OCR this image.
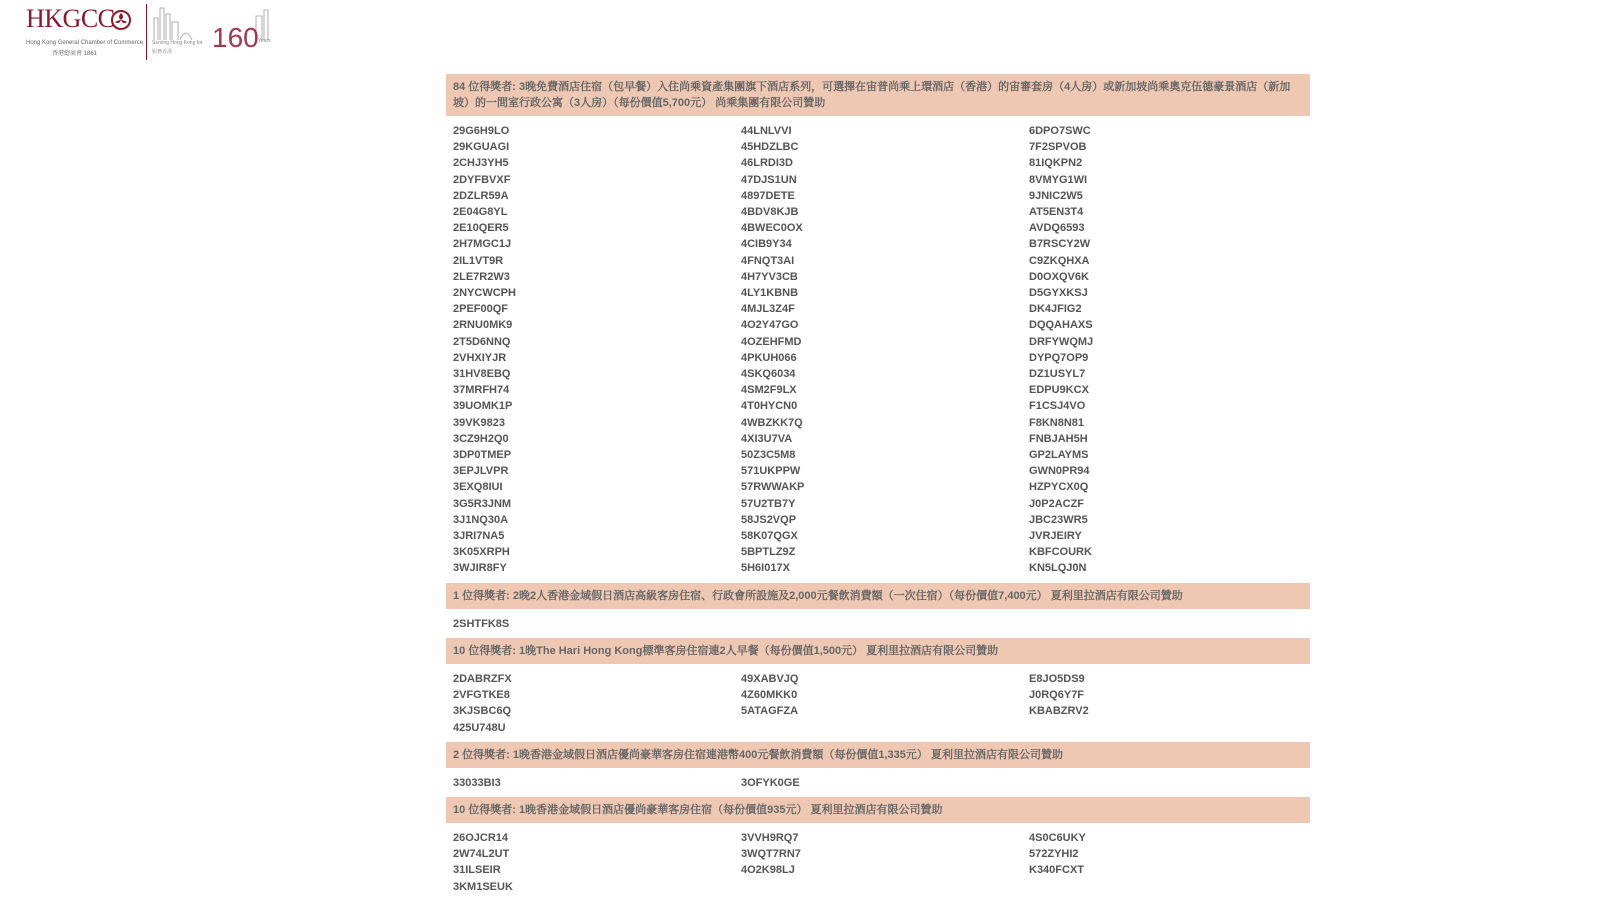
HKGCC
Hong Kong General Chamber of Commerce
香港總商會 1861
Serving Hong Kong for
服務香港 160 Years
84 位得獎者: 3晚免費酒店住宿（包早餐）入住尚乘資產集團旗下酒店系列，可選擇在宙普尚乘上環酒店（香港）的宙審套房（4人房）或新加坡尚乘奧克伍德豪景酒店（新加坡）的一間室行政公寓（3人房）（每份價值5,700元） 尚乘集團有限公司贊助
29G6H9LO
29KGUAGI
2CHJ3YH5
2DYFBVXF
2DZLR59A
2E04G8YL
2E10QER5
2H7MGC1J
2IL1VT9R
2LE7R2W3
2NYCWCPH
2PEF00QF
2RNU0MK9
2T5D6NNQ
2VHXIYJR
31HV8EBQ
37MRFH74
39UOMK1P
39VK9823
3CZ9H2Q0
3DP0TMEP
3EPJLVPR
3EXQ8IUI
3G5R3JNM
3J1NQ30A
3JRI7NA5
3K05XRPH
3WJIR8FY
44LNLVVI
45HDZLBC
46LRDI3D
47DJS1UN
4897DETE
4BDV8KJB
4BWEC0OX
4CIB9Y34
4FNQT3AI
4H7YV3CB
4LY1KBNB
4MJL3Z4F
4O2Y47GO
4OZEHFMD
4PKUH066
4SKQ6034
4SM2F9LX
4T0HYCN0
4WBZKK7Q
4XI3U7VA
50Z3C5M8
571UKPPW
57RWWAKP
57U2TB7Y
58JS2VQP
58K07QGX
5BPTLZ9Z
5H6I017X
6DPO7SWC
7F2SPVOB
81IQKPN2
8VMYG1WI
9JNIC2W5
AT5EN3T4
AVDQ6593
B7RSCY2W
C9ZKQHXA
D0OXQV6K
D5GYXKSJ
DK4JFIG2
DQQAHAXS
DRFYWQMJ
DYPQ7OP9
DZ1USYL7
EDPU9KCX
F1CSJ4VO
F8KN8N81
FNBJAH5H
GP2LAYMS
GWN0PR94
HZPYCX0Q
J0P2ACZF
JBC23WR5
JVRJEIRY
KBFCOURK
KN5LQJ0N
1 位得獎者: 2晚2人香港金域假日酒店高級客房住宿、行政會所設施及2,000元餐飲消費額（一次住宿）（每份價值7,400元） 夏利里拉酒店有限公司贊助
2SHTFK8S
10 位得獎者: 1晚The Hari Hong Kong標準客房住宿連2人早餐（每份價值1,500元） 夏利里拉酒店有限公司贊助
2DABRZFX
2VFGTKE8
3KJSBC6Q
425U748U
49XABVJQ
4Z60MKK0
5ATAGFZA
E8JO5DS9
J0RQ6Y7F
KBABZRV2
2 位得獎者: 1晚香港金域假日酒店優尚豪華客房住宿連港幣400元餐飲消費額（每份價值1,335元） 夏利里拉酒店有限公司贊助
33033BI3	3OFYK0GE
10 位得獎者: 1晚香港金域假日酒店優尚豪華客房住宿（每份價值935元） 夏利里拉酒店有限公司贊助
26OJCR14
2W74L2UT
31ILSEIR
3KM1SEUK
3VVH9RQ7
3WQT7RN7
4O2K98LJ
4S0C6UKY
572ZYHI2
K340FCXT
